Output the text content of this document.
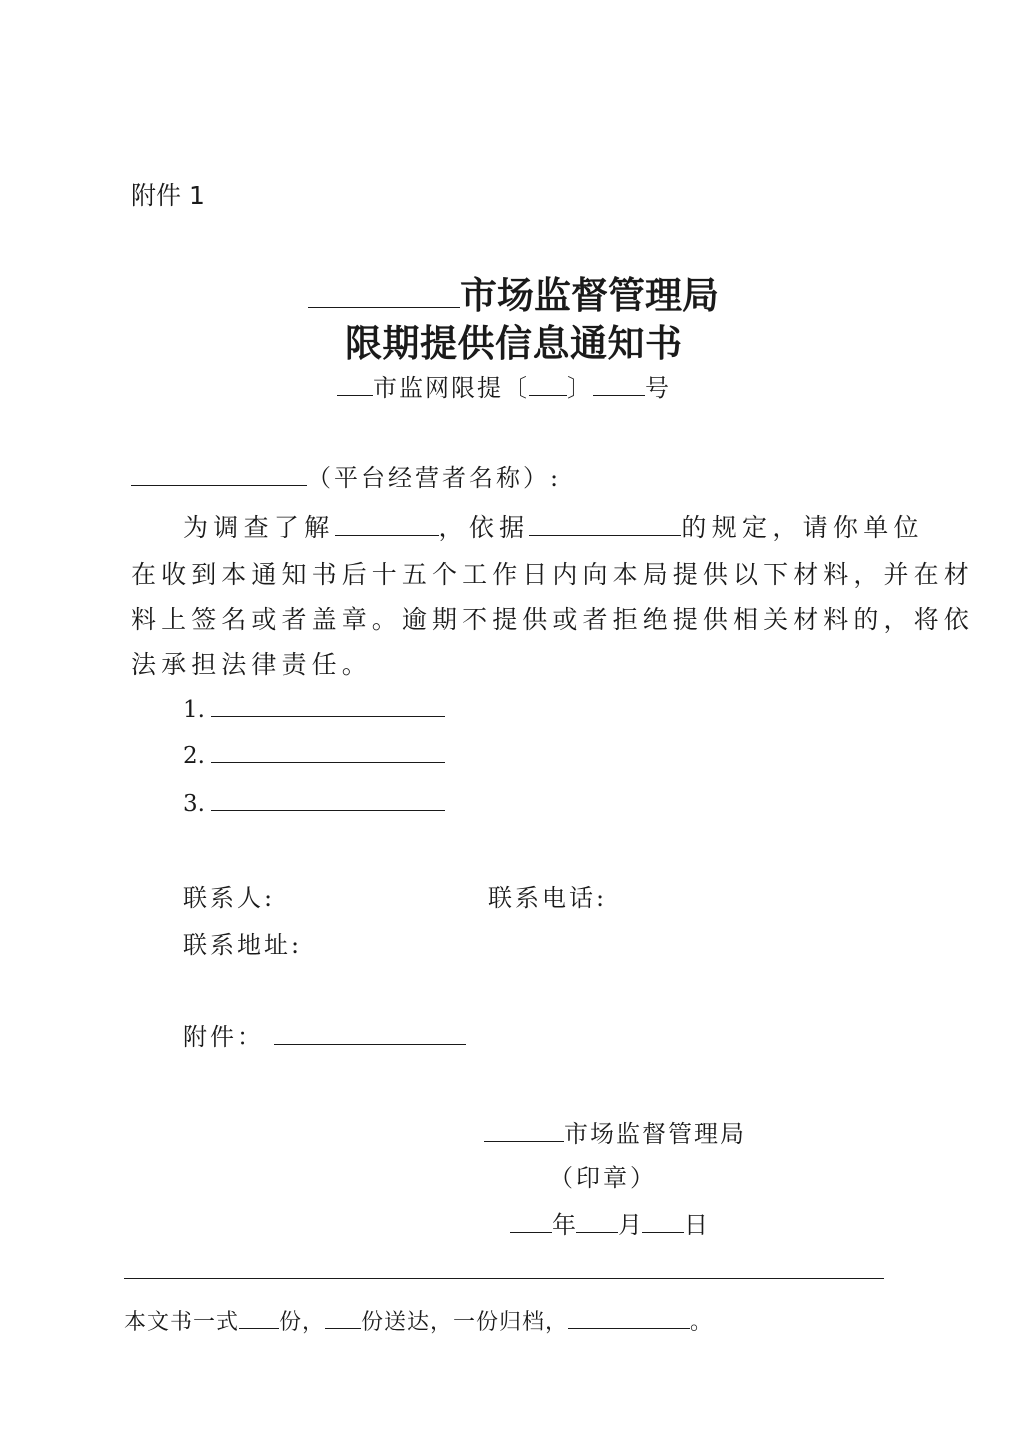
附件 1
市场监督管理局
限期提供信息通知书
市监网限提〔 〕 号
（平台经营者名称）:
为调查了解	，依据	的规定，请你单位
在收到本通知书后十五个工作日内向本局提供以下材料，并在材
料上签名或者盖章。逾期不提供或者拒绝提供相关材料的，将依
法承担法律责任。
1.
2.
3.
联系人:	联系电话:
联系地址:
附件：
市场监督管理局
（印章）
年 月 日
本文书一式 份， 份送达，一份归档，	。
